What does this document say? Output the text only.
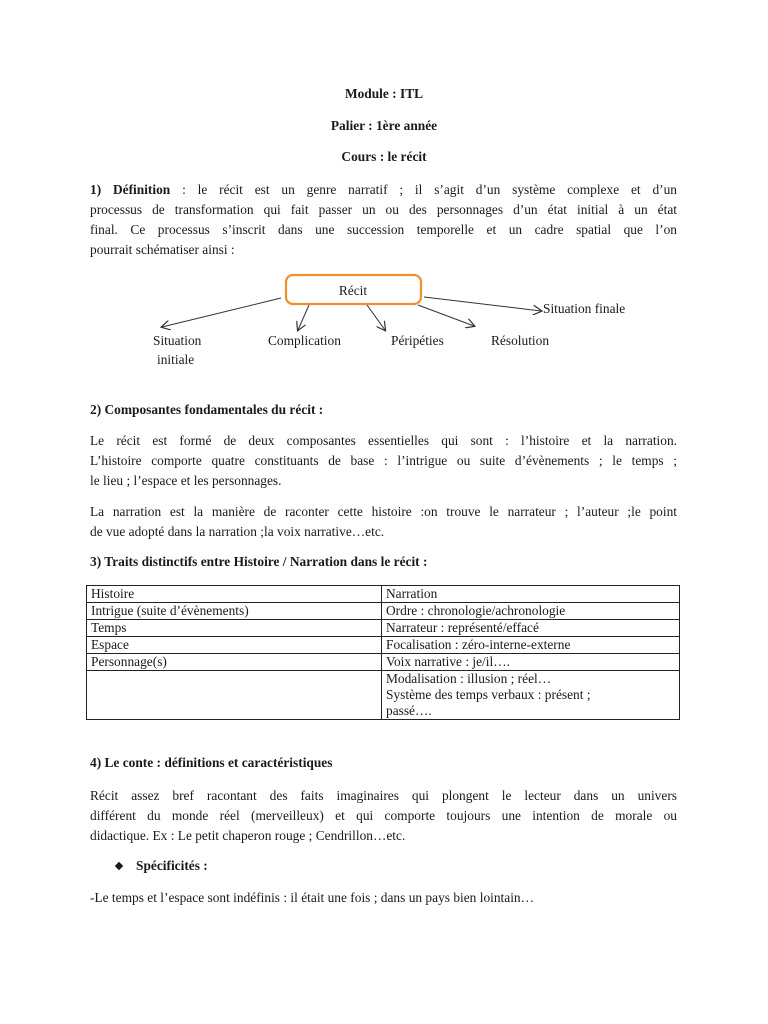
Module : ITL
Palier : 1ère année
Cours : le récit
1) Définition : le récit est un genre narratif ; il s’agit d’un système complexe et d’un
processus de transformation qui fait passer un ou des personnages d’un état initial à un état
final. Ce processus s’inscrit dans une succession temporelle et un cadre spatial que l’on
pourrait schématiser ainsi :
Récit
Situation
initiale
Complication	Péripéties	Résolution
Situation finale
2) Composantes fondamentales du récit :
Le récit est formé de deux composantes essentielles qui sont : l’histoire et la narration.
L’histoire comporte quatre constituants de base : l’intrigue ou suite d’évènements ; le temps ;
le lieu ; l’espace et les personnages.
La narration est la manière de raconter cette histoire :on trouve le narrateur ; l’auteur ;le point
de vue adopté dans la narration ;la voix narrative…etc.
3) Traits distinctifs entre Histoire / Narration dans le récit :
Histoire	Narration
Intrigue (suite d’évènements)	Ordre : chronologie/achronologie
Temps	Narrateur : représenté/effacé
Espace	Focalisation : zéro-interne-externe
Personnage(s)	Voix narrative : je/il….

	Modalisation : illusion ; réel…
Système des temps verbaux : présent ;
passé….
4) Le conte : définitions et caractéristiques
Récit assez bref racontant des faits imaginaires qui plongent le lecteur dans un univers
différent du monde réel (merveilleux) et qui comporte toujours une intention de morale ou
didactique. Ex : Le petit chaperon rouge ; Cendrillon…etc.
Spécificités :
-Le temps et l’espace sont indéfinis : il était une fois ; dans un pays bien lointain…
